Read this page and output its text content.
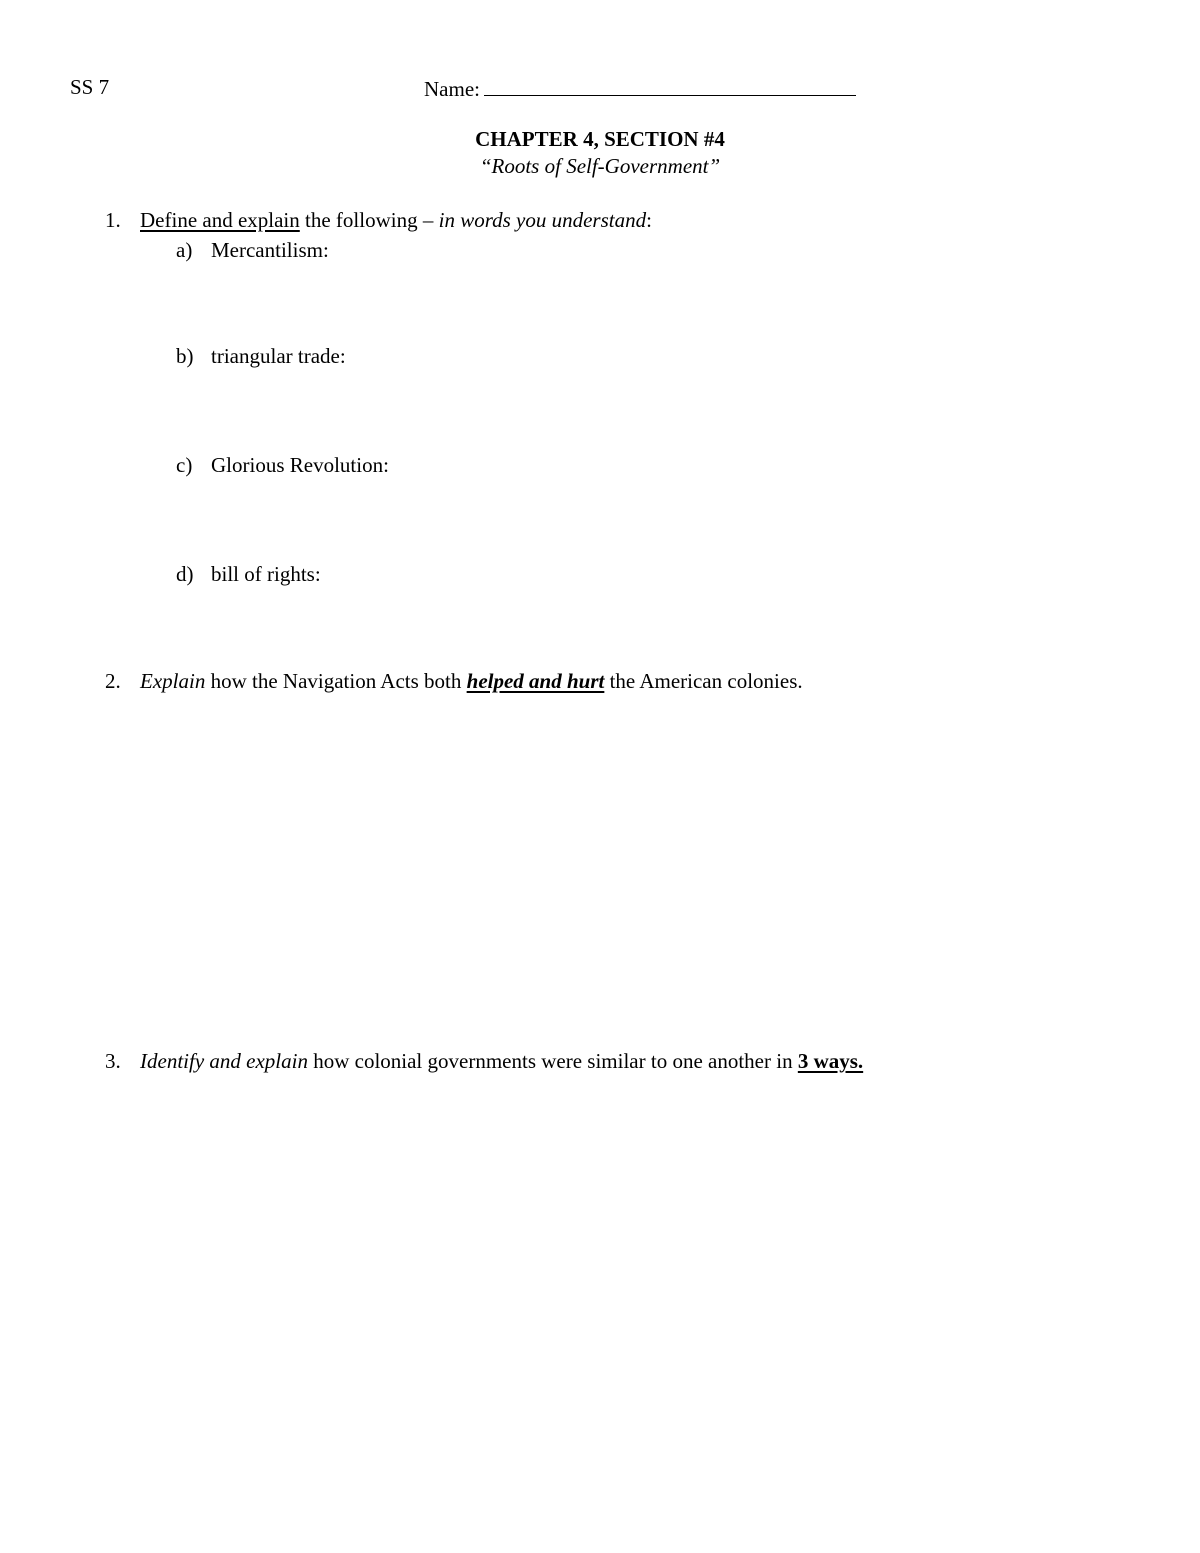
SS 7	Name:
CHAPTER 4, SECTION #4
“Roots of Self-Government”
1. Define and explain the following – in words you understand:
a) Mercantilism:
b) triangular trade:
c) Glorious Revolution:
d) bill of rights:
2. Explain how the Navigation Acts both helped and hurt the American colonies.
3. Identify and explain how colonial governments were similar to one another in 3 ways.
